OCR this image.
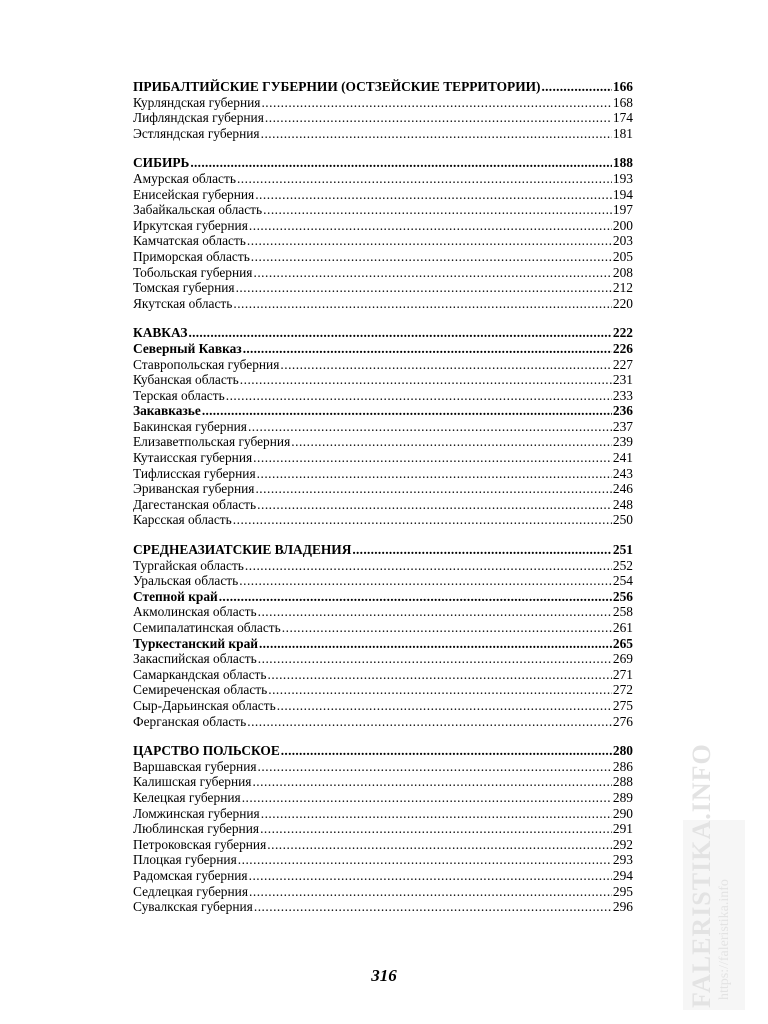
ПРИБАЛТИЙСКИЕ ГУБЕРНИИ (ОСТЗЕЙСКИЕ ТЕРРИТОРИИ) .....	166
Курляндская губерния .....	168
Лифляндская губерния .....	174
Эстляндская губерния .....	181
СИБИРЬ .....	188
Амурская область .....	193
Енисейская губерния .....	194
Забайкальская область .....	197
Иркутская губерния .....	200
Камчатская область .....	203
Приморская область .....	205
Тобольская губерния .....	208
Томская губерния .....	212
Якутская область .....	220
КАВКАЗ .....	222
Северный Кавказ .....	226
Ставропольская губерния .....	227
Кубанская область .....	231
Терская область .....	233
Закавказье .....	236
Бакинская губерния .....	237
Елизаветпольская губерния .....	239
Кутаисская губерния .....	241
Тифлисская губерния .....	243
Эриванская губерния .....	246
Дагестанская область .....	248
Карсская область .....	250
СРЕДНЕАЗИАТСКИЕ ВЛАДЕНИЯ .....	251
Тургайская область .....	252
Уральская область .....	254
Степной край .....	256
Акмолинская область .....	258
Семипалатинская область .....	261
Туркестанский край .....	265
Закаспийская область .....	269
Самаркандская область .....	271
Семиреченская область .....	272
Сыр-Дарьинская область .....	275
Ферганская область .....	276
ЦАРСТВО ПОЛЬСКОЕ .....	280
Варшавская губерния .....	286
Калишская губерния .....	288
Келецкая губерния .....	289
Ломжинская губерния .....	290
Люблинская губерния .....	291
Петроковская губерния .....	292
Плоцкая губерния .....	293
Радомская губерния .....	294
Седлецкая губерния .....	295
Сувалкская губерния .....	296
316	FALERISTIKA.INFO https://faleristika.info
